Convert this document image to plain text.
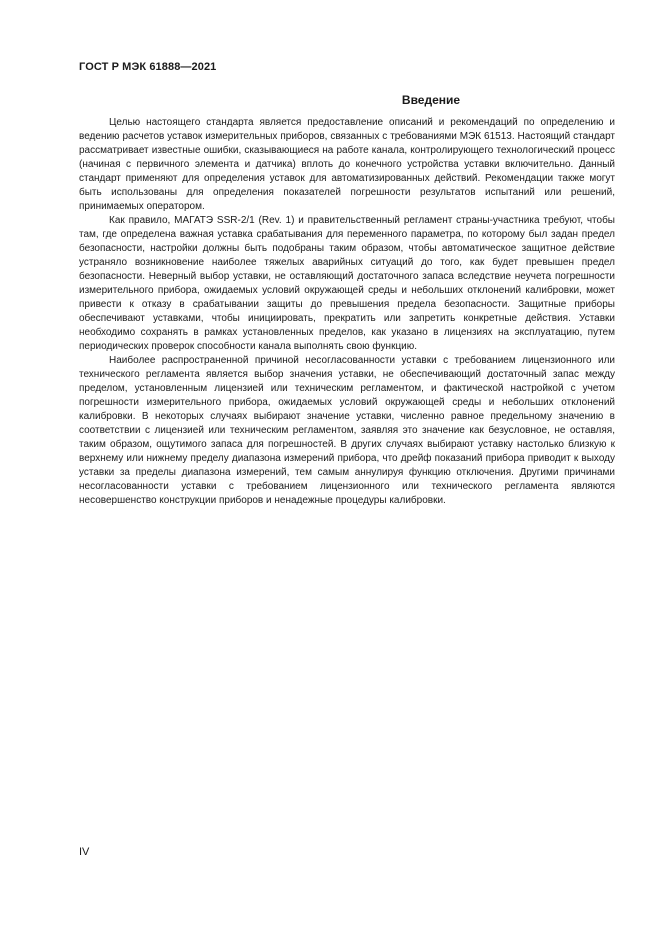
ГОСТ Р МЭК 61888—2021
Введение

Целью настоящего стандарта является предоставление описаний и рекомендаций по определению и ведению расчетов уставок измерительных приборов, связанных с требованиями МЭК 61513. Настоящий стандарт рассматривает известные ошибки, сказывающиеся на работе канала, контролирующего технологический процесс (начиная с первичного элемента и датчика) вплоть до конечного устройства уставки включительно. Данный стандарт применяют для определения уставок для автоматизированных действий. Рекомендации также могут быть использованы для определения показателей погрешности результатов испытаний или решений, принимаемых оператором.

Как правило, МАГАТЭ SSR-2/1 (Rev. 1) и правительственный регламент страны-участника требуют, чтобы там, где определена важная уставка срабатывания для переменного параметра, по которому был задан предел безопасности, настройки должны быть подобраны таким образом, чтобы автоматическое защитное действие устраняло возникновение наиболее тяжелых аварийных ситуаций до того, как будет превышен предел безопасности. Неверный выбор уставки, не оставляющий достаточного запаса вследствие неучета погрешности измерительного прибора, ожидаемых условий окружающей среды и небольших отклонений калибровки, может привести к отказу в срабатывании защиты до превышения предела безопасности. Защитные приборы обеспечивают уставками, чтобы инициировать, прекратить или запретить конкретные действия. Уставки необходимо сохранять в рамках установленных пределов, как указано в лицензиях на эксплуатацию, путем периодических проверок способности канала выполнять свою функцию.

Наиболее распространенной причиной несогласованности уставки с требованием лицензионного или технического регламента является выбор значения уставки, не обеспечивающий достаточный запас между пределом, установленным лицензией или техническим регламентом, и фактической настройкой с учетом погрешности измерительного прибора, ожидаемых условий окружающей среды и небольших отклонений калибровки. В некоторых случаях выбирают значение уставки, численно равное предельному значению в соответствии с лицензией или техническим регламентом, заявляя это значение как безусловное, не оставляя, таким образом, ощутимого запаса для погрешностей. В других случаях выбирают уставку настолько близкую к верхнему или нижнему пределу диапазона измерений прибора, что дрейф показаний прибора приводит к выходу уставки за пределы диапазона измерений, тем самым аннулируя функцию отключения. Другими причинами несогласованности уставки с требованием лицензионного или технического регламента являются несовершенство конструкции приборов и ненадежные процедуры калибровки.

IV
